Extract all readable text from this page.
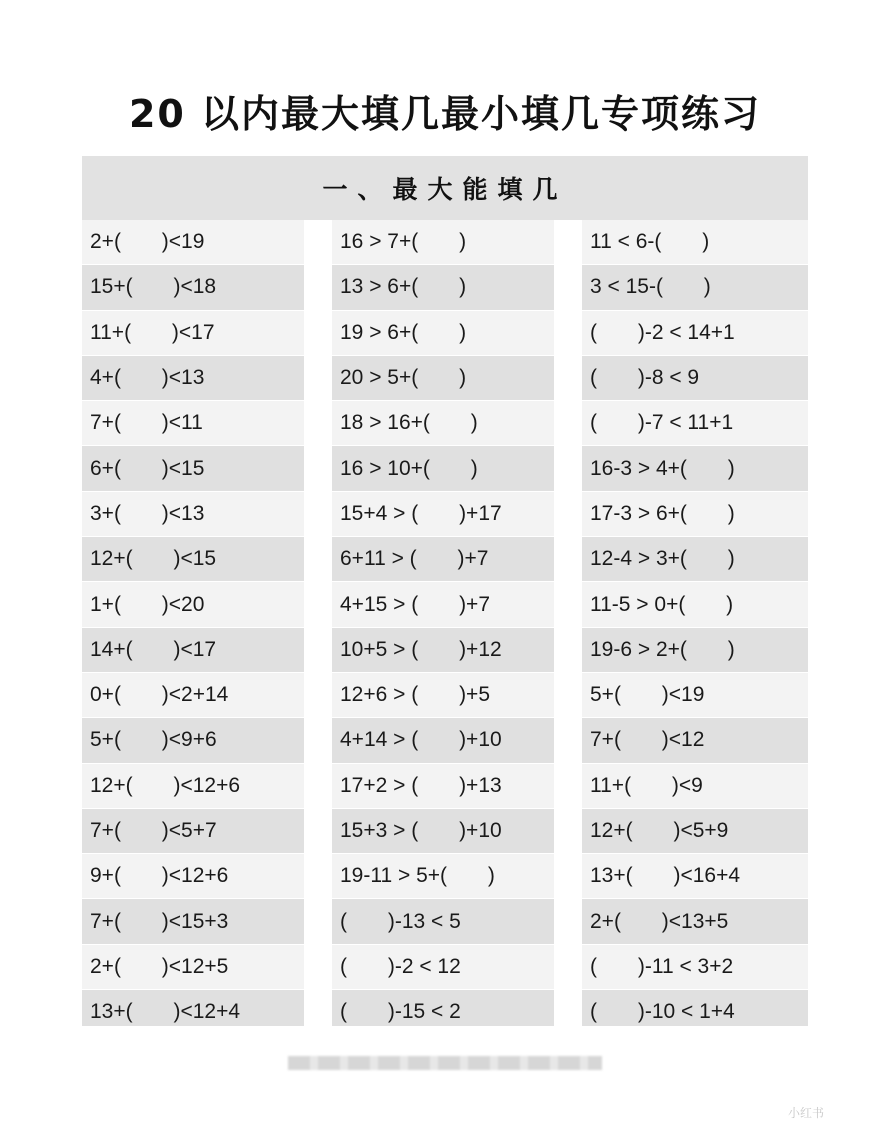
20 以内最大填几最小填几专项练习
一、最大能填几
2+(       )<19	16 > 7+(       )	11 < 6-(       )
15+(       )<18	13 > 6+(       )	3 < 15-(       )
11+(       )<17	19 > 6+(       )	(       )-2 < 14+1
4+(       )<13	20 > 5+(       )	(       )-8 < 9
7+(       )<11	18 > 16+(       )	(       )-7 < 11+1
6+(       )<15	16 > 10+(       )	16-3 > 4+(       )
3+(       )<13	15+4 > (       )+17	17-3 > 6+(       )
12+(       )<15	6+11 > (       )+7	12-4 > 3+(       )
1+(       )<20	4+15 > (       )+7	11-5 > 0+(       )
14+(       )<17	10+5 > (       )+12	19-6 > 2+(       )
0+(       )<2+14	12+6 > (       )+5	5+(       )<19
5+(       )<9+6	4+14 > (       )+10	7+(       )<12
12+(       )<12+6	17+2 > (       )+13	11+(       )<9
7+(       )<5+7	15+3 > (       )+10	12+(       )<5+9
9+(       )<12+6	19-11 > 5+(       )	13+(       )<16+4
7+(       )<15+3	(       )-13 < 5	2+(       )<13+5
2+(       )<12+5	(       )-2 < 12	(       )-11 < 3+2
13+(       )<12+4	(       )-15 < 2	(       )-10 < 1+4
小红书
